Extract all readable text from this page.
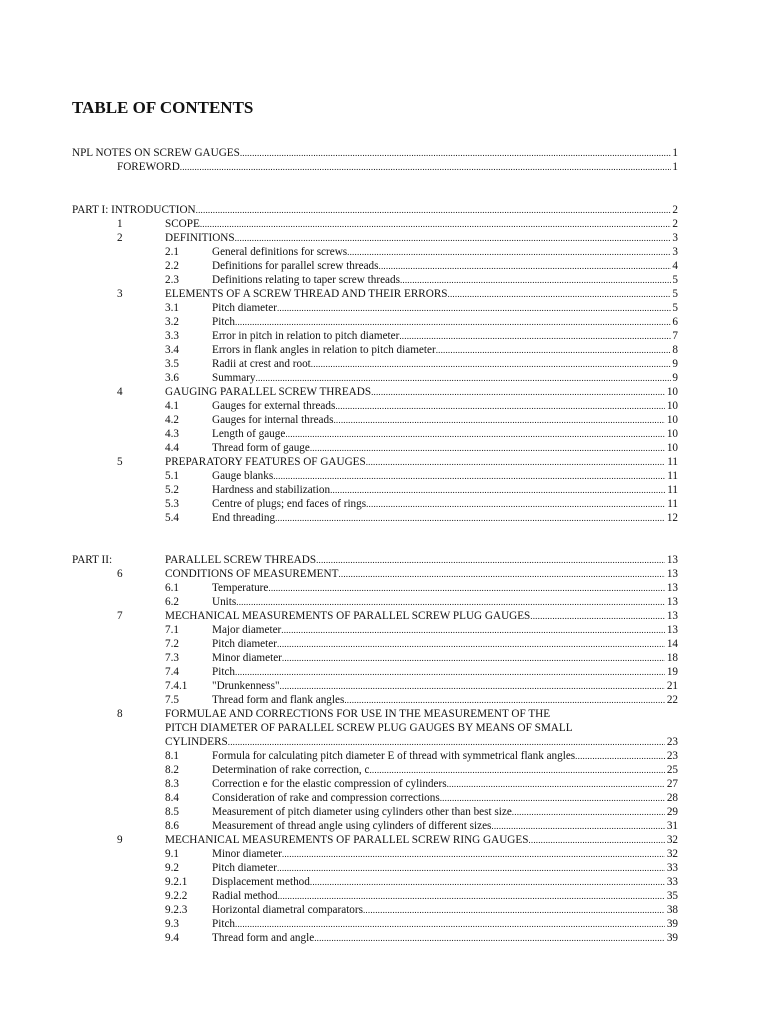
TABLE OF CONTENTS
NPL NOTES ON SCREW GAUGES .....	1
FOREWORD .....	1
PART I: INTRODUCTION .....	2
1	SCOPE .....	2
2	DEFINITIONS .....	3
2.1	General definitions for screws .....	3
2.2	Definitions for parallel screw threads .....	4
2.3	Definitions relating to taper screw threads .....	5
3	ELEMENTS OF A SCREW THREAD AND THEIR ERRORS .....	5
3.1	Pitch diameter .....	5
3.2	Pitch .....	6
3.3	Error in pitch in relation to pitch diameter .....	7
3.4	Errors in flank angles in relation to pitch diameter .....	8
3.5	Radii at crest and root .....	9
3.6	Summary .....	9
4	GAUGING PARALLEL SCREW THREADS .....	10
4.1	Gauges for external threads .....	10
4.2	Gauges for internal threads .....	10
4.3	Length of gauge .....	10
4.4	Thread form of gauge .....	10
5	PREPARATORY FEATURES OF GAUGES .....	11
5.1	Gauge blanks .....	11
5.2	Hardness and stabilization .....	11
5.3	Centre of plugs; end faces of rings .....	11
5.4	End threading .....	12
PART II:	PARALLEL SCREW THREADS .....	13
6	CONDITIONS OF MEASUREMENT .....	13
6.1	Temperature .....	13
6.2	Units .....	13
7	MECHANICAL MEASUREMENTS OF PARALLEL SCREW PLUG GAUGES .....	13
7.1	Major diameter .....	13
7.2	Pitch diameter .....	14
7.3	Minor diameter .....	18
7.4	Pitch .....	19
7.4.1 "Drunkenness" .....	21
7.5	Thread form and flank angles .....	22
8	FORMULAE AND CORRECTIONS FOR USE IN THE MEASUREMENT OF THE
PITCH DIAMETER OF PARALLEL SCREW PLUG GAUGES BY MEANS OF SMALL
CYLINDERS .....	23
8.1	Formula for calculating pitch diameter E of thread with symmetrical flank angles .....	23
8.2	Determination of rake correction, c .....	25
8.3	Correction e for the elastic compression of cylinders .....	27
8.4	Consideration of rake and compression corrections .....	28
8.5	Measurement of pitch diameter using cylinders other than best size .....	29
8.6	Measurement of thread angle using cylinders of different sizes .....	31
9	MECHANICAL MEASUREMENTS OF PARALLEL SCREW RING GAUGES .....	32
9.1	Minor diameter .....	32
9.2	Pitch diameter .....	33
9.2.1 Displacement method .....	33
9.2.2 Radial method .....	35
9.2.3 Horizontal diametral comparators .....	38
9.3	Pitch .....	39
9.4	Thread form and angle .....	39
